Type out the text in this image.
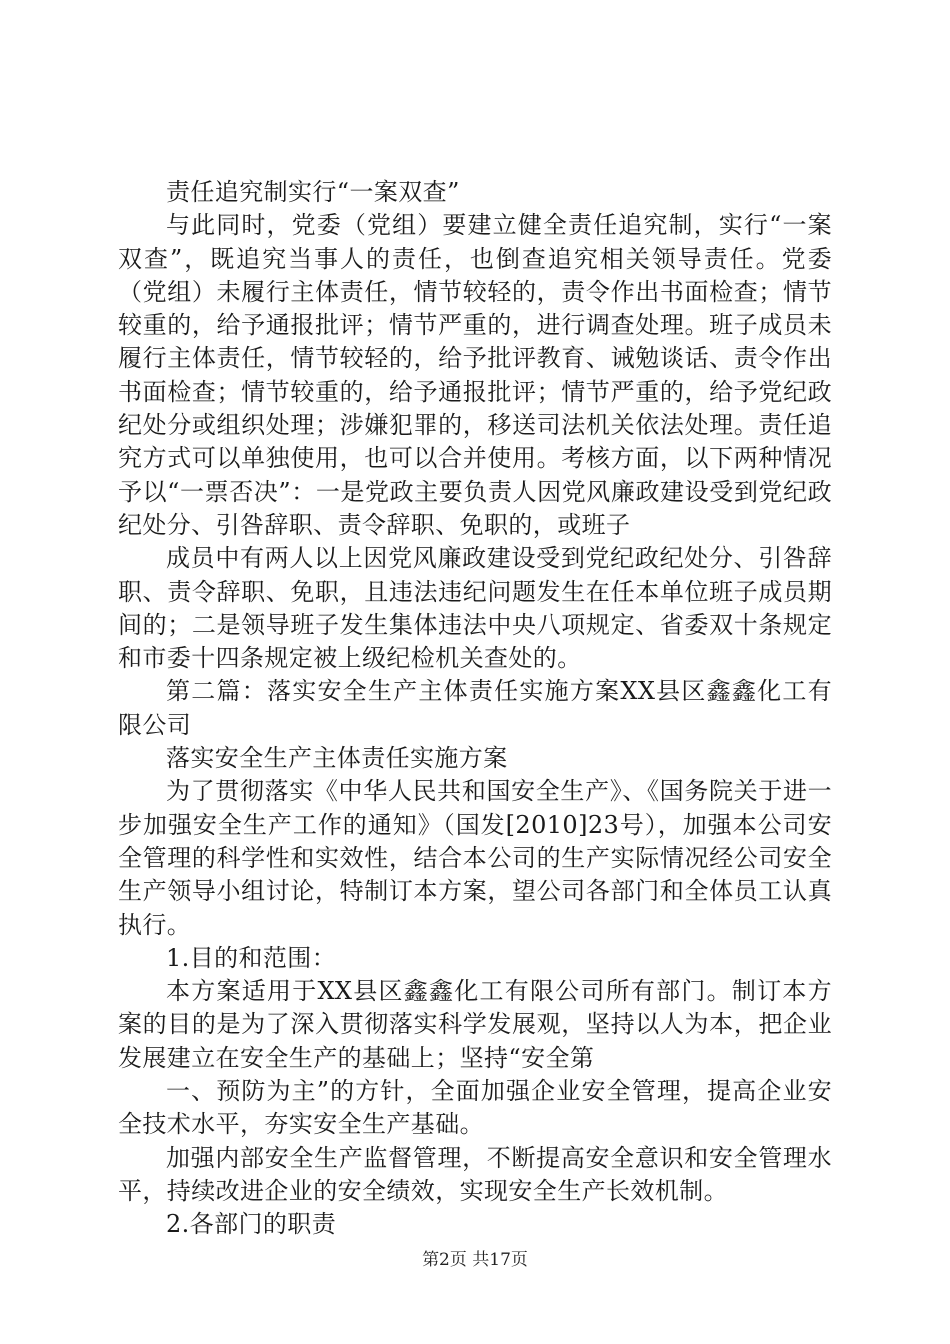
责任追究制实行“一案双查”

与此同时，党委（党组）要建立健全责任追究制，实行“一案双查”，既追究当事人的责任，也倒查追究相关领导责任。党委（党组）未履行主体责任，情节较轻的，责令作出书面检查；情节较重的，给予通报批评；情节严重的，进行调查处理。班子成员未履行主体责任，情节较轻的，给予批评教育、诫勉谈话、责令作出书面检查；情节较重的，给予通报批评；情节严重的，给予党纪政纪处分或组织处理；涉嫌犯罪的，移送司法机关依法处理。责任追究方式可以单独使用，也可以合并使用。考核方面，以下两种情况予以“一票否决”：一是党政主要负责人因党风廉政建设受到党纪政纪处分、引咎辞职、责令辞职、免职的，或班子

成员中有两人以上因党风廉政建设受到党纪政纪处分、引咎辞职、责令辞职、免职，且违法违纪问题发生在任本单位班子成员期间的；二是领导班子发生集体违法中央八项规定、省委双十条规定和市委十四条规定被上级纪检机关查处的。

第二篇：落实安全生产主体责任实施方案XX县区鑫鑫化工有限公司

落实安全生产主体责任实施方案

为了贯彻落实《中华人民共和国安全生产》、《国务院关于进一步加强安全生产工作的通知》（国发[2010]23号），加强本公司安全管理的科学性和实效性，结合本公司的生产实际情况经公司安全生产领导小组讨论，特制订本方案，望公司各部门和全体员工认真执行。

1.目的和范围：

本方案适用于XX县区鑫鑫化工有限公司所有部门。制订本方案的目的是为了深入贯彻落实科学发展观，坚持以人为本，把企业发展建立在安全生产的基础上；坚持“安全第

一、预防为主”的方针，全面加强企业安全管理，提高企业安全技术水平，夯实安全生产基础。

加强内部安全生产监督管理，不断提高安全意识和安全管理水平，持续改进企业的安全绩效，实现安全生产长效机制。

2.各部门的职责

第2页 共17页
